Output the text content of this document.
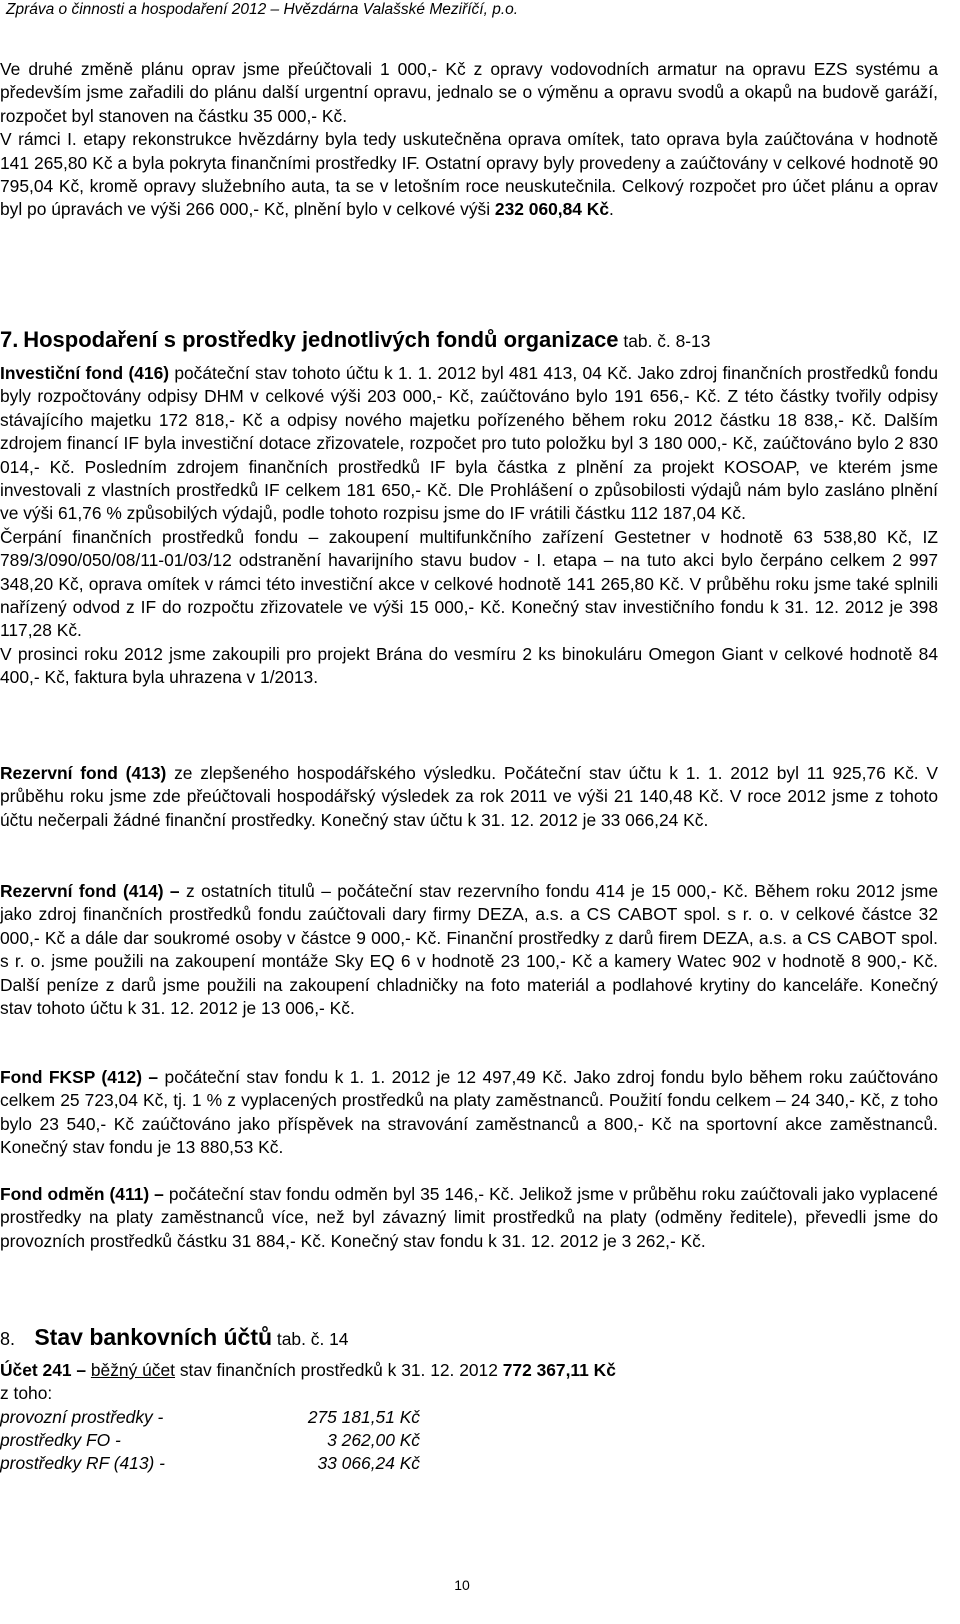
Zpráva o činnosti a hospodaření 2012 – Hvězdárna Valašské Meziříčí, p.o.

Ve druhé změně plánu oprav jsme přeúčtovali 1 000,- Kč z opravy vodovodních armatur na opravu EZS systému a především jsme zařadili do plánu další urgentní opravu, jednalo se o výměnu a opravu svodů a okapů na budově garáží, rozpočet byl stanoven na částku 35 000,- Kč.

V rámci I. etapy rekonstrukce hvězdárny byla tedy uskutečněna oprava omítek, tato oprava byla zaúčtována v hodnotě 141 265,80 Kč a byla pokryta finančními prostředky IF. Ostatní opravy byly provedeny a zaúčtovány v celkové hodnotě 90 795,04 Kč, kromě opravy služebního auta, ta se v letošním roce neuskutečnila. Celkový rozpočet pro účet plánu a oprav byl po úpravách ve výši 266 000,- Kč, plnění bylo v celkové výši 232 060,84 Kč.

7. Hospodaření s prostředky jednotlivých fondů organizace tab. č. 8-13

Investiční fond (416) počáteční stav tohoto účtu k 1. 1. 2012 byl 481 413, 04 Kč. Jako zdroj finančních prostředků fondu byly rozpočtovány odpisy DHM v celkové výši 203 000,- Kč, zaúčtováno bylo 191 656,- Kč. Z této částky tvořily odpisy stávajícího majetku 172 818,- Kč a odpisy nového majetku pořízeného během roku 2012 částku 18 838,- Kč. Dalším zdrojem financí IF byla investiční dotace zřizovatele, rozpočet pro tuto položku byl 3 180 000,- Kč, zaúčtováno bylo 2 830 014,- Kč. Posledním zdrojem finančních prostředků IF byla částka z plnění za projekt KOSOAP, ve kterém jsme investovali z vlastních prostředků IF celkem 181 650,- Kč. Dle Prohlášení o způsobilosti výdajů nám bylo zasláno plnění ve výši 61,76 % způsobilých výdajů, podle tohoto rozpisu jsme do IF vrátili částku 112 187,04 Kč.

Čerpání finančních prostředků fondu – zakoupení multifunkčního zařízení Gestetner v hodnotě 63 538,80 Kč, IZ 789/3/090/050/08/11-01/03/12 odstranění havarijního stavu budov - I. etapa – na tuto akci bylo čerpáno celkem 2 997 348,20 Kč, oprava omítek v rámci této investiční akce v celkové hodnotě 141 265,80 Kč. V průběhu roku jsme také splnili nařízený odvod z IF do rozpočtu zřizovatele ve výši 15 000,- Kč. Konečný stav investičního fondu k 31. 12. 2012 je 398 117,28 Kč.

V prosinci roku 2012 jsme zakoupili pro projekt Brána do vesmíru 2 ks binokuláru Omegon Giant v celkové hodnotě 84 400,- Kč, faktura byla uhrazena v 1/2013.

Rezervní fond (413) ze zlepšeného hospodářského výsledku. Počáteční stav účtu k 1. 1. 2012 byl 11 925,76 Kč. V průběhu roku jsme zde přeúčtovali hospodářský výsledek za rok 2011 ve výši 21 140,48 Kč. V roce 2012 jsme z tohoto účtu nečerpali žádné finanční prostředky. Konečný stav účtu k 31. 12. 2012 je 33 066,24 Kč.

Rezervní fond (414) – z ostatních titulů – počáteční stav rezervního fondu 414 je 15 000,- Kč. Během roku 2012 jsme jako zdroj finančních prostředků fondu zaúčtovali dary firmy DEZA, a.s. a CS CABOT spol. s r. o. v celkové částce 32 000,- Kč a dále dar soukromé osoby v částce 9 000,- Kč. Finanční prostředky z darů firem DEZA, a.s. a CS CABOT spol. s r. o. jsme použili na zakoupení montáže Sky EQ 6 v hodnotě 23 100,- Kč a kamery Watec 902 v hodnotě 8 900,- Kč. Další peníze z darů jsme použili na zakoupení chladničky na foto materiál a podlahové krytiny do kanceláře. Konečný stav tohoto účtu k 31. 12. 2012 je 13 006,- Kč.

Fond FKSP (412) – počáteční stav fondu k 1. 1. 2012 je 12 497,49 Kč. Jako zdroj fondu bylo během roku zaúčtováno celkem 25 723,04 Kč, tj. 1 % z vyplacených prostředků na platy zaměstnanců. Použití fondu celkem – 24 340,- Kč, z toho bylo 23 540,- Kč zaúčtováno jako příspěvek na stravování zaměstnanců a 800,- Kč na sportovní akce zaměstnanců. Konečný stav fondu je 13 880,53 Kč.

Fond odměn (411) – počáteční stav fondu odměn byl 35 146,- Kč. Jelikož jsme v průběhu roku zaúčtovali jako vyplacené prostředky na platy zaměstnanců více, než byl závazný limit prostředků na platy (odměny ředitele), převedli jsme do provozních prostředků částku 31 884,- Kč. Konečný stav fondu k 31. 12. 2012 je 3 262,- Kč.

8. Stav bankovních účtů tab. č. 14

Účet 241 – běžný účet stav finančních prostředků k 31. 12. 2012 772 367,11 Kč

z toho:

provozní prostředky -	275 181,51 Kč
prostředky FO -	3 262,00 Kč
prostředky RF (413) -	33 066,24 Kč
10
